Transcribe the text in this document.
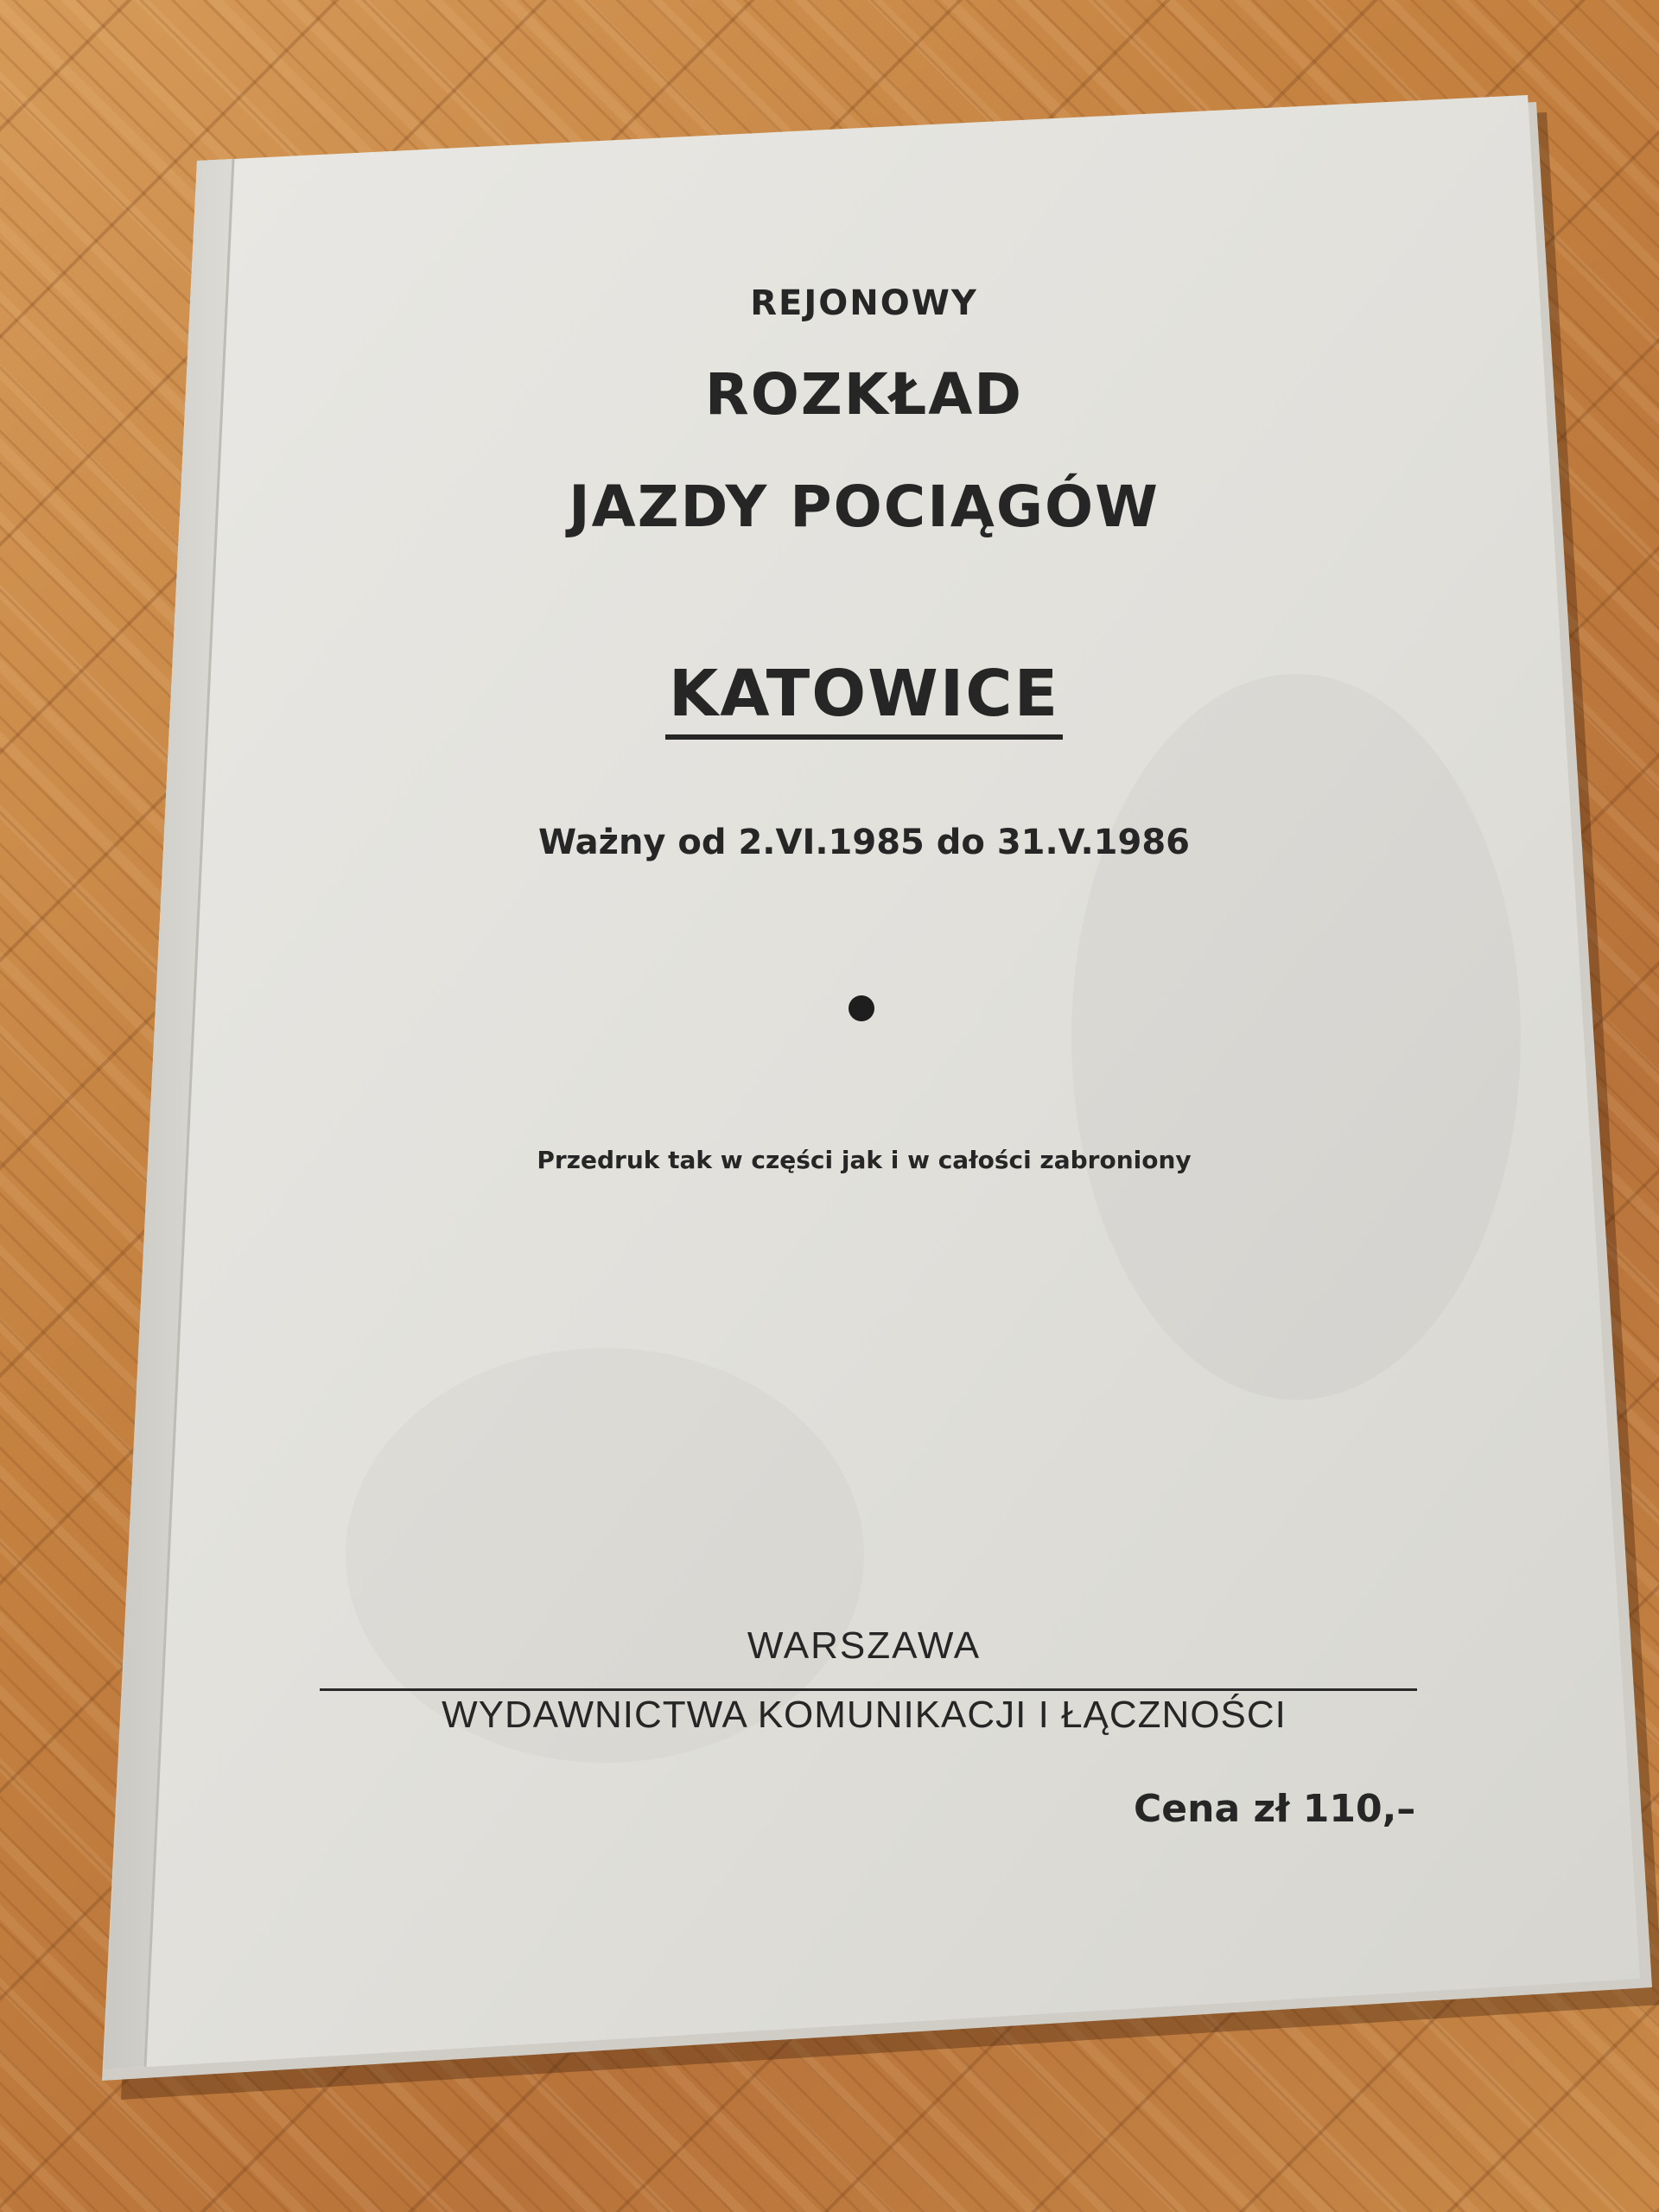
REJONOWY
ROZKŁAD
JAZDY POCIĄGÓW
KATOWICE
Ważny od 2.VI.1985 do 31.V.1986
Przedruk tak w części jak i w całości zabroniony
WARSZAWA
WYDAWNICTWA KOMUNIKACJI I ŁĄCZNOŚCI
Cena zł 110,–
